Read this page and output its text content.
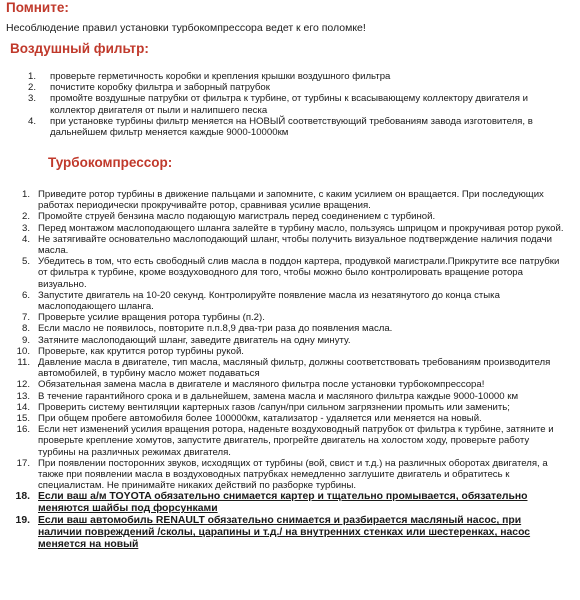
Помните:
Несоблюдение правил установки турбокомпрессора ведет к его поломке!
Воздушный фильтр:
1. проверьте герметичность коробки и крепления крышки воздушного фильтра
2. почистите коробку фильтра и заборный патрубок
3. промойте воздушные патрубки от фильтра к турбине, от турбины к всасывающему коллектору двигателя и коллектор двигателя от пыли и налипшего песка
4. при установке турбины фильтр меняется на НОВЫЙ соответствующий требованиям завода изготовителя, в дальнейшем фильтр меняется каждые 9000-10000км
Турбокомпрессор:
1. Приведите ротор турбины в движение пальцами и запомните, с каким усилием он вращается. При последующих работах периодически прокручивайте ротор, сравнивая усилие вращения.
2. Промойте струей бензина масло подающую магистраль перед соединением с турбиной.
3. Перед монтажом маслоподающего шланга залейте в турбину масло, пользуясь шприцом и прокручивая ротор рукой.
4. Не затягивайте основательно маслоподающий шланг, чтобы получить визуальное подтверждение наличия подачи масла.
5. Убедитесь в том, что есть свободный слив масла в поддон картера, продувкой магистрали.Прикрутите все патрубки от фильтра к турбине, кроме воздуховодного для того, чтобы можно было контролировать вращение ротора визуально.
6. Запустите двигатель на 10-20 секунд. Контролируйте появление масла из незатянутого до конца стыка маслоподающего шланга.
7. Проверьте усилие вращения ротора турбины (п.2).
8. Если масло не появилось, повторите п.п.8,9 два-три раза до появления масла.
9. Затяните маслоподающий шланг, заведите двигатель на одну минуту.
10. Проверьте, как крутится ротор турбины рукой.
11. Давление масла в двигателе, тип масла, масляный фильтр, должны соответствовать требованиям производителя автомобилей, в турбину масло может подаваться
12. Обязательная замена масла в двигателе и масляного фильтра после установки турбокомпрессора!
13. В течение гарантийного срока и в дальнейшем, замена масла и масляного фильтра каждые 9000-10000 км
14. Проверить систему вентиляции картерных газов /сапун/при сильном загрязнении промыть или заменить;
15. При общем пробеге автомобиля более 100000км, катализатор - удаляется или меняется на новый.
16. Если нет изменений усилия вращения ротора, наденьте воздуховодный патрубок от фильтра к турбине, затяните и проверьте крепление хомутов, запустите двигатель, прогрейте двигатель на холостом ходу, проверьте работу турбины на различных режимах двигателя.
17. При появлении посторонних звуков, исходящих от турбины (вой, свист и т.д.) на различных оборотах двигателя, а также при появлении масла в воздуховодных патрубках немедленно заглушите двигатель и обратитесь к специалистам. Не принимайте никаких действий по разборке турбины.
18. Если ваш а/м TOYOTA обязательно снимается картер и тщательно промывается, обязательно меняются шайбы под форсунками
19. Если ваш автомобиль RENAULT обязательно снимается и разбирается масляный насос, при наличии повреждений /сколы, царапины и т.д./ на внутренних стенках или шестеренках, насос меняется на новый
